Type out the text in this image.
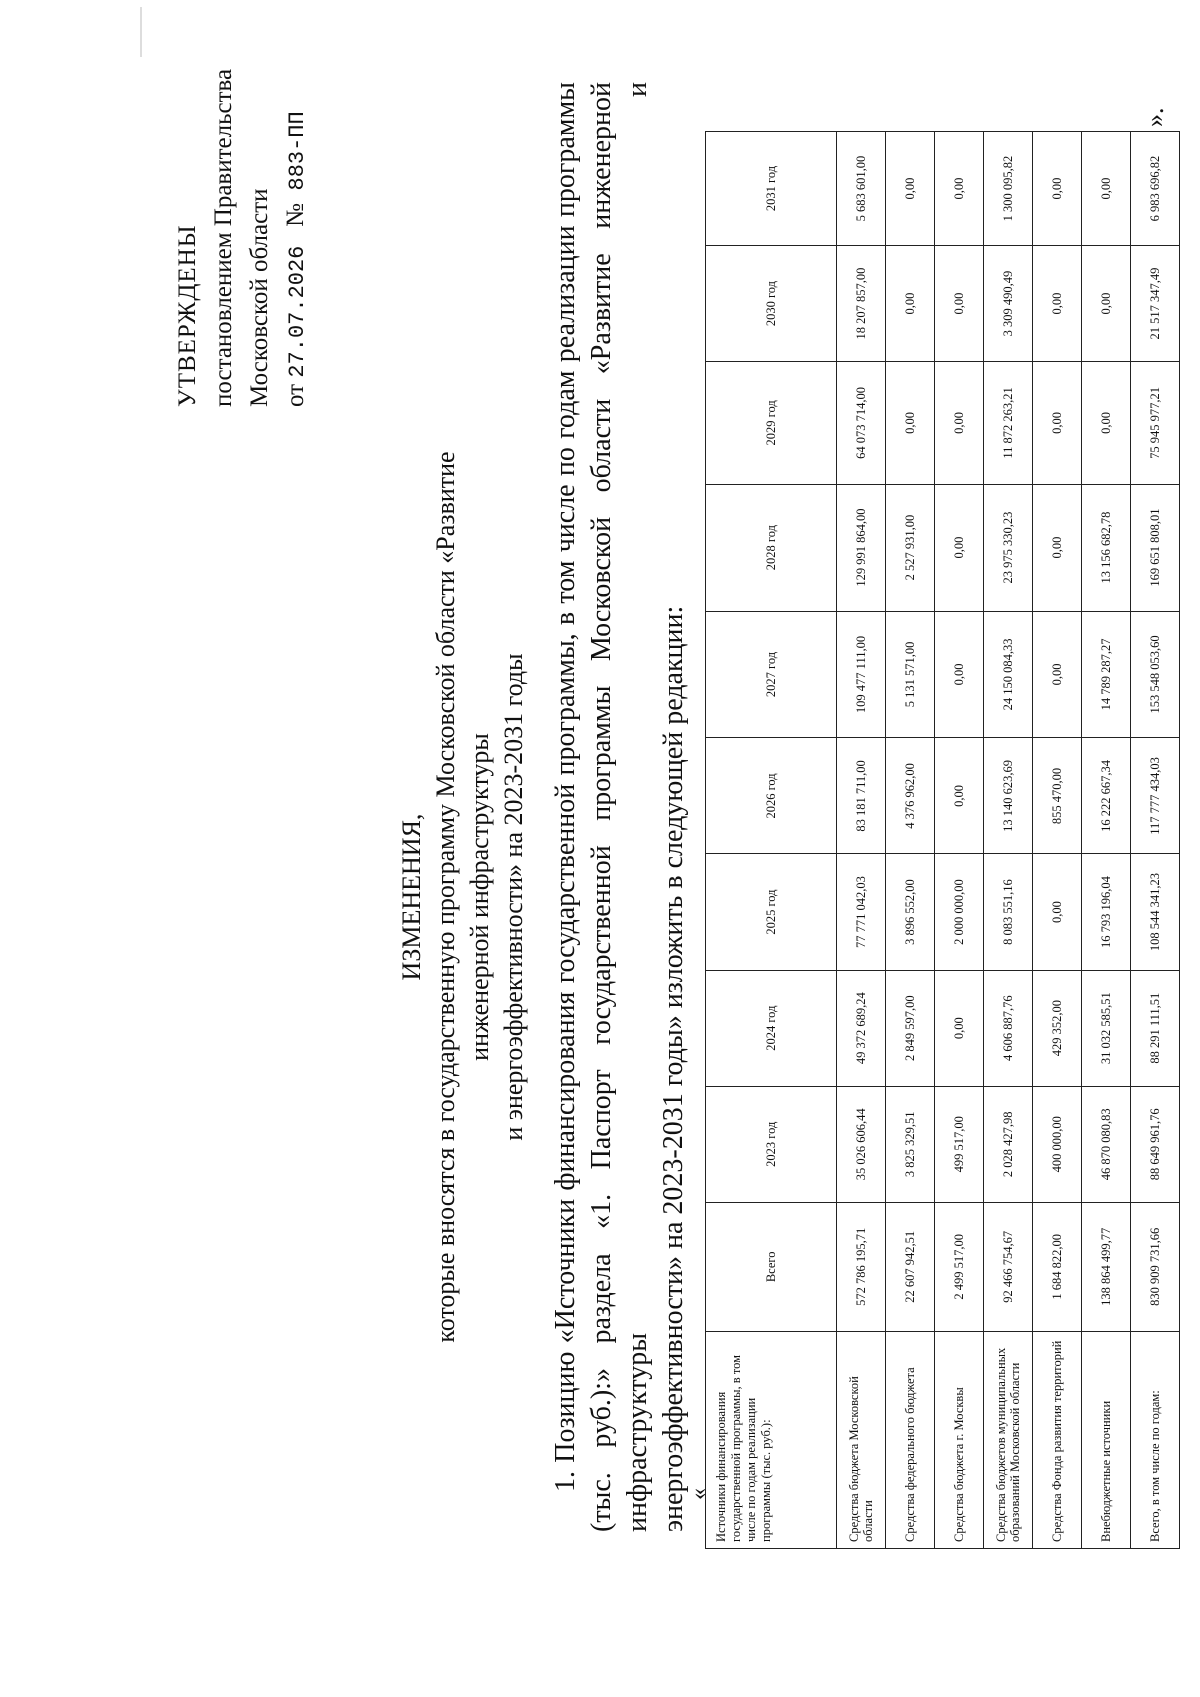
УТВЕРЖДЕНЫ постановлением Правительства Московской области от 27.07.2026   №  883-ПП
ИЗМЕНЕНИЯ, которые вносятся в государственную программу Московской области «Развитие инженерной инфраструктуры и энергоэффективности» на 2023-2031 годы 1. Позицию «Источники финансирования государственной программы, в том числе по годам реализации программы (тыс. руб.):» раздела «1. Паспорт государственной программы Московской области «Развитие инженерной инфраструктуры и энергоэффективности» на 2023-2031 годы» изложить в следующей редакции:
« Источники финансирования государственной программы, в том числе по годам реализации программы (тыс. руб.):	Всего	2023 год	2024 год	2025 год	2026 год	2027 год	2028 год	2029 год	2030 год	2031 год
Средства бюджета Московской области	572 786 195,71	35 026 606,44	49 372 689,24	77 771 042,03	83 181 711,00	109 477 111,00	129 991 864,00	64 073 714,00	18 207 857,00	5 683 601,00
Средства федерального бюджета	22 607 942,51	3 825 329,51	2 849 597,00	3 896 552,00	4 376 962,00	5 131 571,00	2 527 931,00	0,00	0,00	0,00
Средства бюджета г. Москвы	2 499 517,00	499 517,00	0,00	2 000 000,00	0,00	0,00	0,00	0,00	0,00	0,00
Средства бюджетов муниципальных образований Московской области	92 466 754,67	2 028 427,98	4 606 887,76	8 083 551,16	13 140 623,69	24 150 084,33	23 975 330,23	11 872 263,21	3 309 490,49	1 300 095,82
Средства Фонда развития территорий	1 684 822,00	400 000,00	429 352,00	0,00	855 470,00	0,00	0,00	0,00	0,00	0,00
Внебюджетные источники	138 864 499,77	46 870 080,83	31 032 585,51	16 793 196,04	16 222 667,34	14 789 287,27	13 156 682,78	0,00	0,00	0,00
Всего, в том числе по годам:	830 909 731,66	88 649 961,76	88 291 111,51	108 544 341,23	117 777 434,03	153 548 053,60	169 651 808,01	75 945 977,21	21 517 347,49	6 983 696,82
».
